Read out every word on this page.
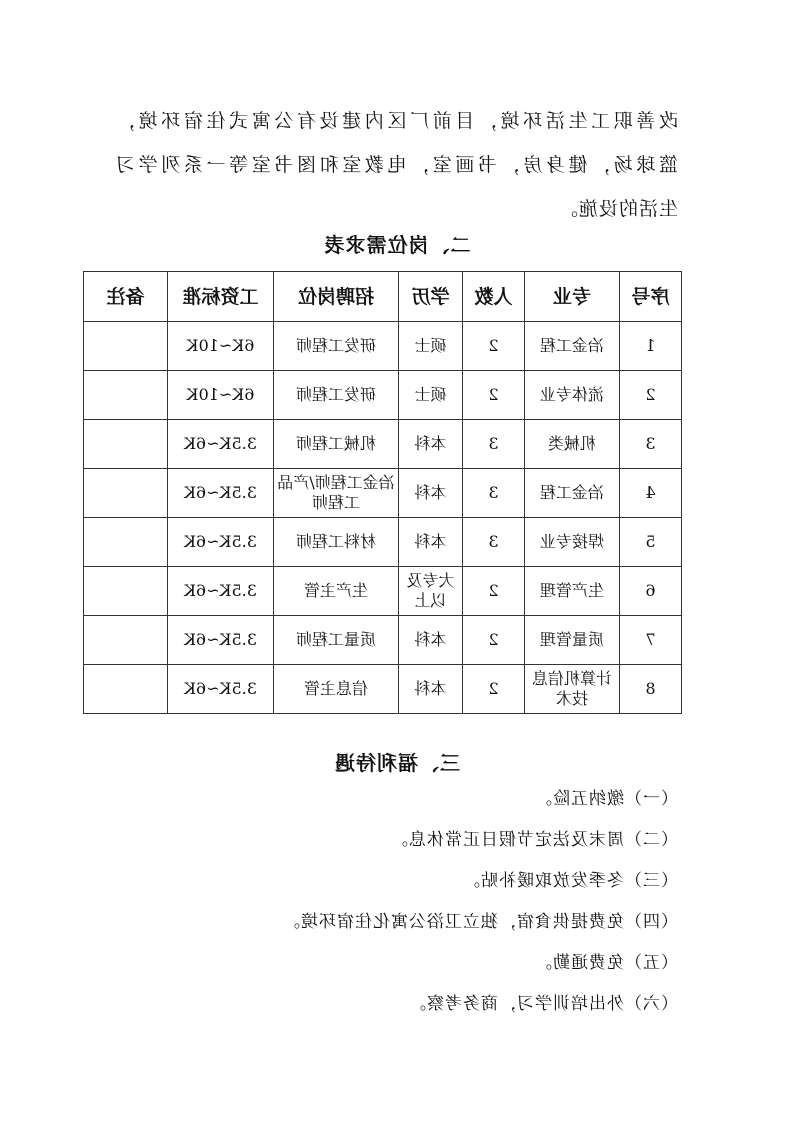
改善职工生活环境，目前厂区内建设有公寓式住宿环境，
篮球场，健身房，书画室，电教室和图书室等一系列学习
生活的设施。
二、岗位需求表
序号	专业	人数	学历	招聘岗位	工资标准	备注
1	冶金工程	2	硕士	研发工程师	6K~10K	
2	流体专业	2	硕士	研发工程师	6K~10K	
3	机械类	3	本科	机械工程师	3.5K~6K	
4	冶金工程	3	本科	冶金工程师/产品工程师	3.5K~6K	
5	焊接专业	3	本科	材料工程师	3.5K~6K	
6	生产管理	2	大专及以上	生产主管	3.5K~6K	
7	质量管理	2	本科	质量工程师	3.5K~6K	
8	计算机信息技术	2	本科	信息主管	3.5K~6K	
三、福利待遇
（一）缴纳五险。
（二）周末及法定节假日正常休息。
（三）冬季发放取暖补贴。
（四）免费提供食宿，独立卫浴公寓化住宿环境。
（五）免费通勤。
（六）外出培训学习，商务考察。
